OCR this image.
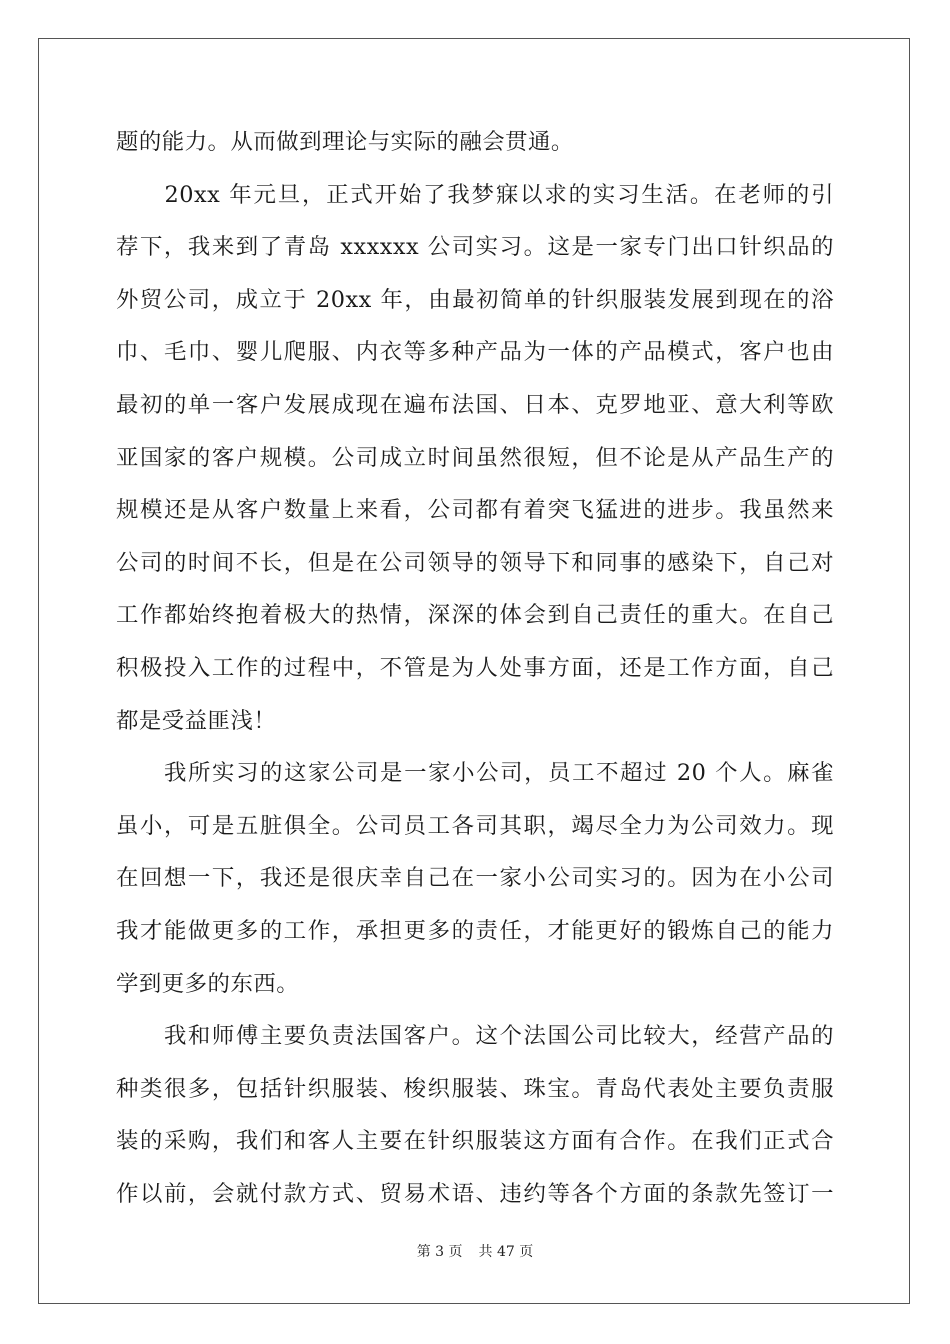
题的能力。从而做到理论与实际的融会贯通。
　　20xx 年元旦，正式开始了我梦寐以求的实习生活。在老师的引
荐下，我来到了青岛 xxxxxx 公司实习。这是一家专门出口针织品的
外贸公司，成立于 20xx 年，由最初简单的针织服装发展到现在的浴
巾、毛巾、婴儿爬服、内衣等多种产品为一体的产品模式，客户也由
最初的单一客户发展成现在遍布法国、日本、克罗地亚、意大利等欧
亚国家的客户规模。公司成立时间虽然很短，但不论是从产品生产的
规模还是从客户数量上来看，公司都有着突飞猛进的进步。我虽然来
公司的时间不长，但是在公司领导的领导下和同事的感染下，自己对
工作都始终抱着极大的热情，深深的体会到自己责任的重大。在自己
积极投入工作的过程中，不管是为人处事方面，还是工作方面，自己
都是受益匪浅！
　　我所实习的这家公司是一家小公司，员工不超过 20 个人。麻雀
虽小，可是五脏俱全。公司员工各司其职，竭尽全力为公司效力。现
在回想一下，我还是很庆幸自己在一家小公司实习的。因为在小公司
我才能做更多的工作，承担更多的责任，才能更好的锻炼自己的能力
学到更多的东西。
　　我和师傅主要负责法国客户。这个法国公司比较大，经营产品的
种类很多，包括针织服装、梭织服装、珠宝。青岛代表处主要负责服
装的采购，我们和客人主要在针织服装这方面有合作。在我们正式合
作以前，会就付款方式、贸易术语、违约等各个方面的条款先签订一
第 3 页 共 47 页
